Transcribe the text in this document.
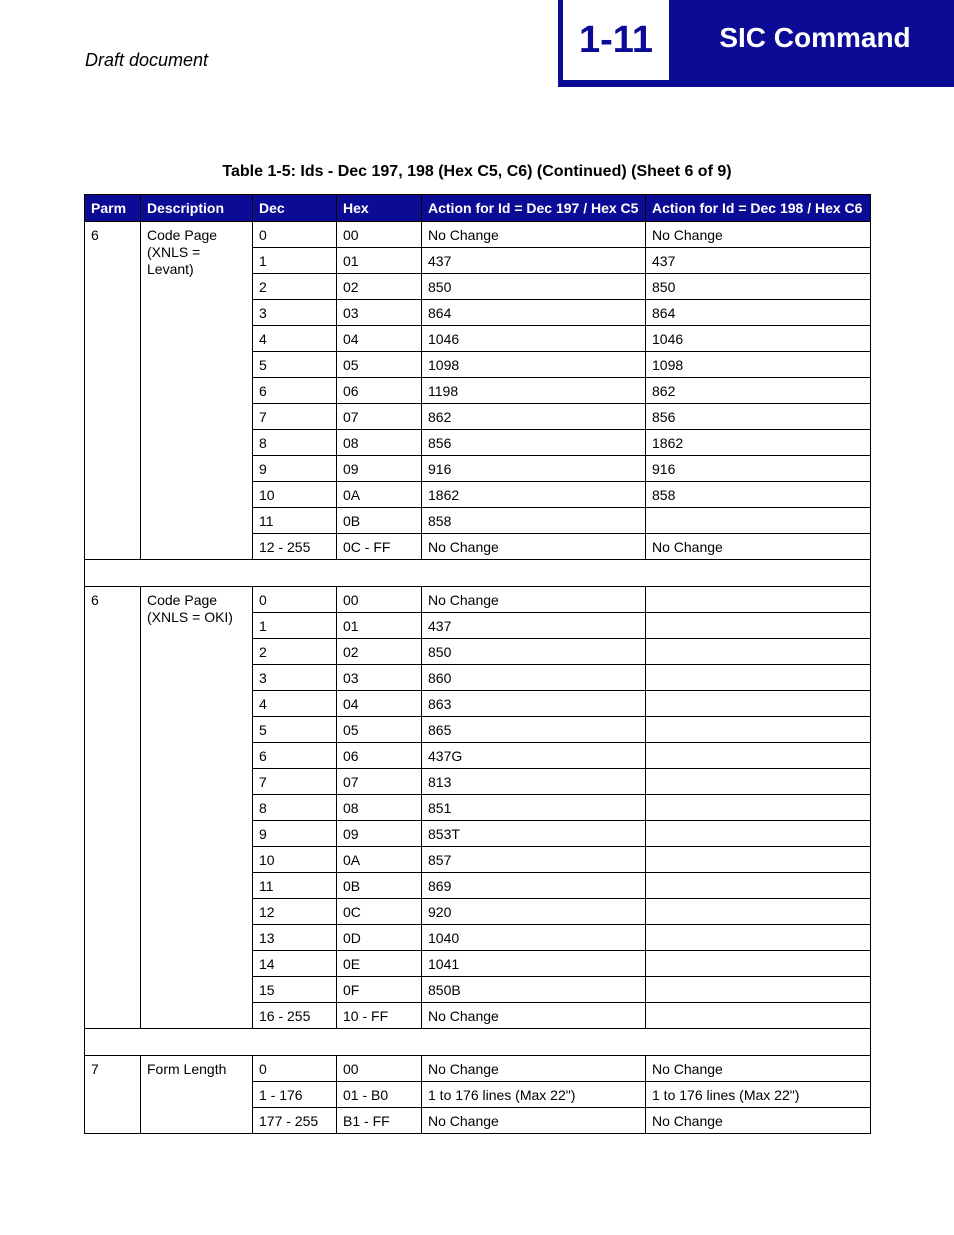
Draft document	1-11	SIC Command
Table 1-5: Ids - Dec 197, 198 (Hex C5, C6) (Continued) (Sheet 6 of 9)
Parm	Description	Dec	Hex	Action for Id = Dec 197 / Hex C5	Action for Id = Dec 198 / Hex C6
6	Code Page (XNLS = Levant)	0	00	No Change	No Change
		1	01	437	437
		2	02	850	850
		3	03	864	864
		4	04	1046	1046
		5	05	1098	1098
		6	06	1198	862
		7	07	862	856
		8	08	856	1862
		9	09	916	916
		10	0A	1862	858
		11	0B	858	
		12 - 255	0C - FF	No Change	No Change

6	Code Page (XNLS = OKI)	0	00	No Change	
		1	01	437	
		2	02	850	
		3	03	860	
		4	04	863	
		5	05	865	
		6	06	437G	
		7	07	813	
		8	08	851	
		9	09	853T	
		10	0A	857	
		11	0B	869	
		12	0C	920	
		13	0D	1040	
		14	0E	1041	
		15	0F	850B	
		16 - 255	10 - FF	No Change	

7	Form Length	0	00	No Change	No Change
		1 - 176	01 - B0	1 to 176 lines (Max 22")	1 to 176 lines (Max 22")
		177 - 255	B1 - FF	No Change	No Change
